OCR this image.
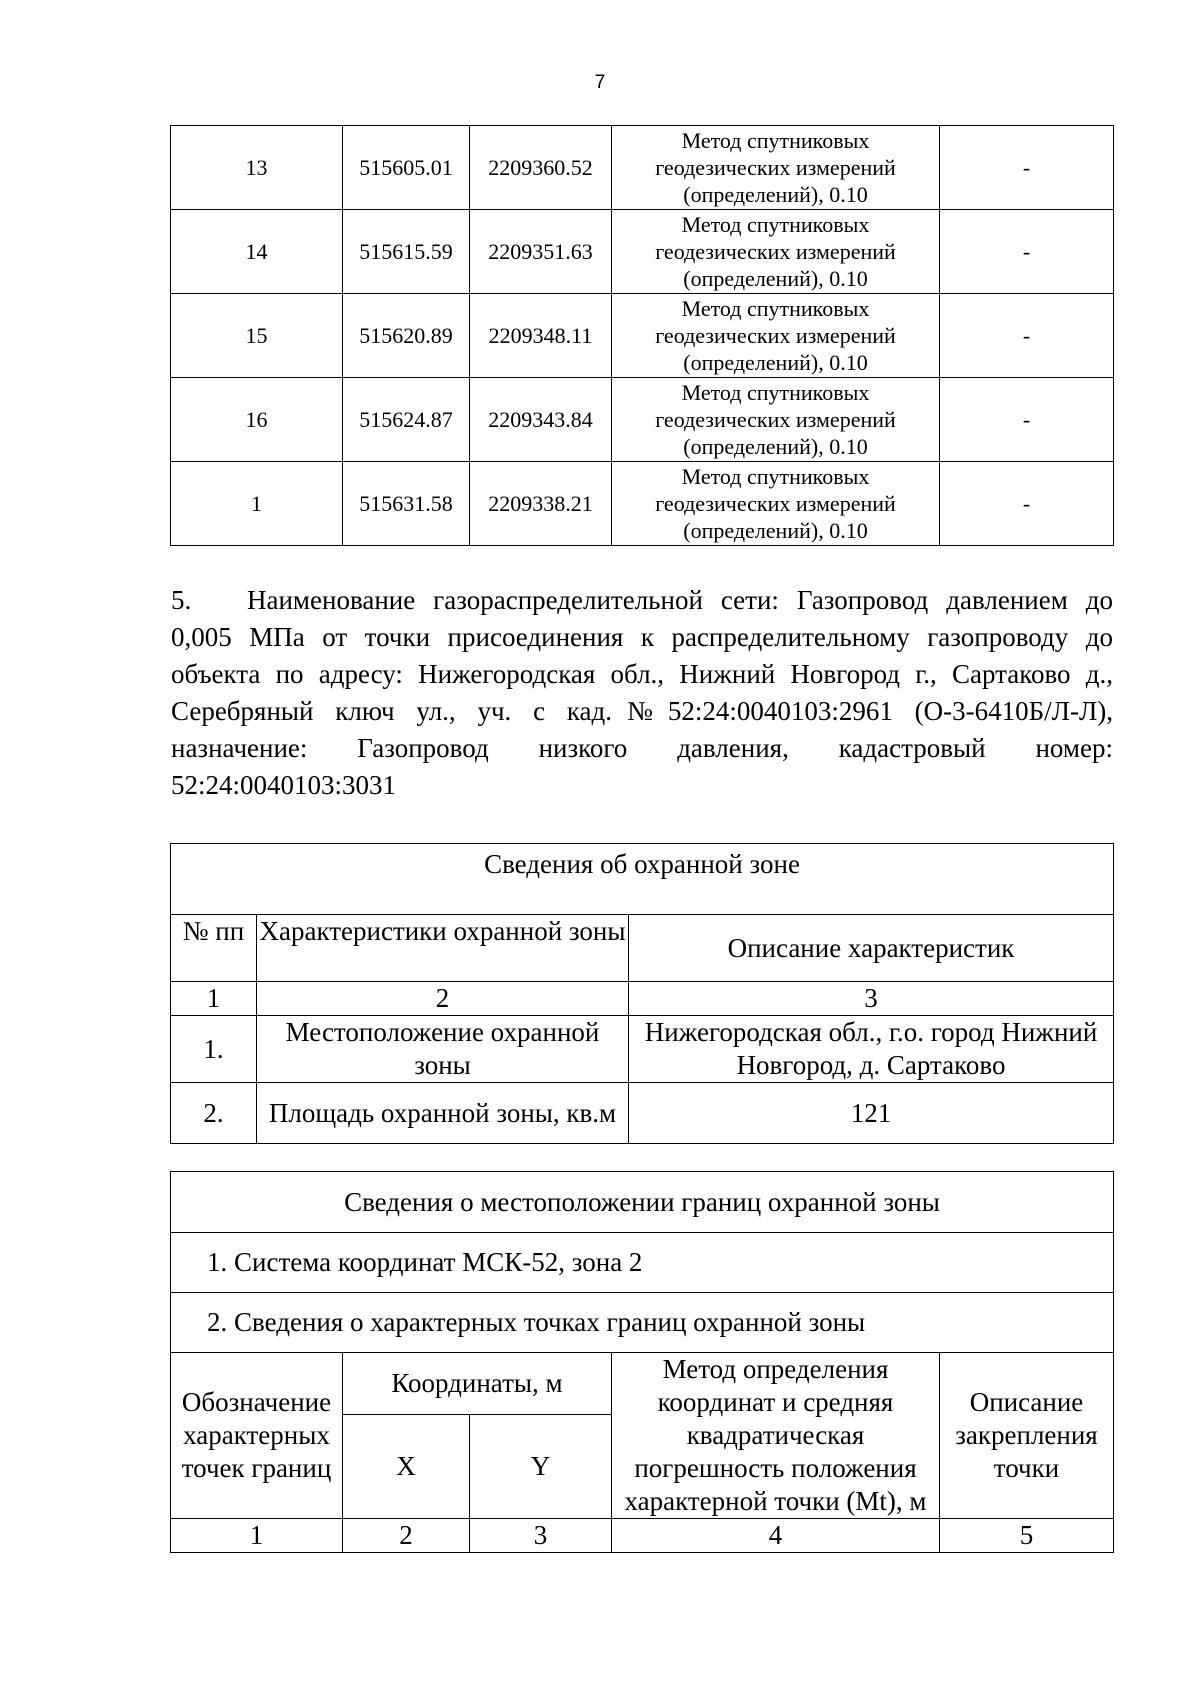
7
13	515605.01	2209360.52	Метод спутниковых
геодезических измерений
(определений), 0.10	-
14	515615.59	2209351.63	Метод спутниковых
геодезических измерений
(определений), 0.10	-
15	515620.89	2209348.11	Метод спутниковых
геодезических измерений
(определений), 0.10	-
16	515624.87	2209343.84	Метод спутниковых
геодезических измерений
(определений), 0.10	-
1	515631.58	2209338.21	Метод спутниковых
геодезических измерений
(определений), 0.10	-
5. Наименование газораспределительной сети: Газопровод давлением до 0,005 МПа от точки присоединения к распределительному газопроводу до объекта по адресу: Нижегородская обл., Нижний Новгород г., Сартаково д., Серебряный ключ ул., уч. с кад.№52:24:0040103:2961 (О-3-6410Б/Л-Л), назначение: Газопровод низкого давления, кадастровый номер: 52:24:0040103:3031
Сведения об охранной зоне		
№ пп	Характеристики охранной зоны	Описание характеристик
1	2	3
1.	Местоположение охранной зоны	Нижегородская обл., г.о. город Нижний Новгород, д. Сартаково
2.	Площадь охранной зоны, кв.м	121
Сведения о местоположении границ охранной зоны				
1. Система координат МСК-52, зона 2				
2. Сведения о характерных точках границ охранной зоны				
Обозначение характерных точек границ	Координаты, м		Метод определения координат и средняя квадратическая погрешность положения характерной точки (Mt), м	Описание закрепления точки
	X	Y		
1	2	3	4	5
